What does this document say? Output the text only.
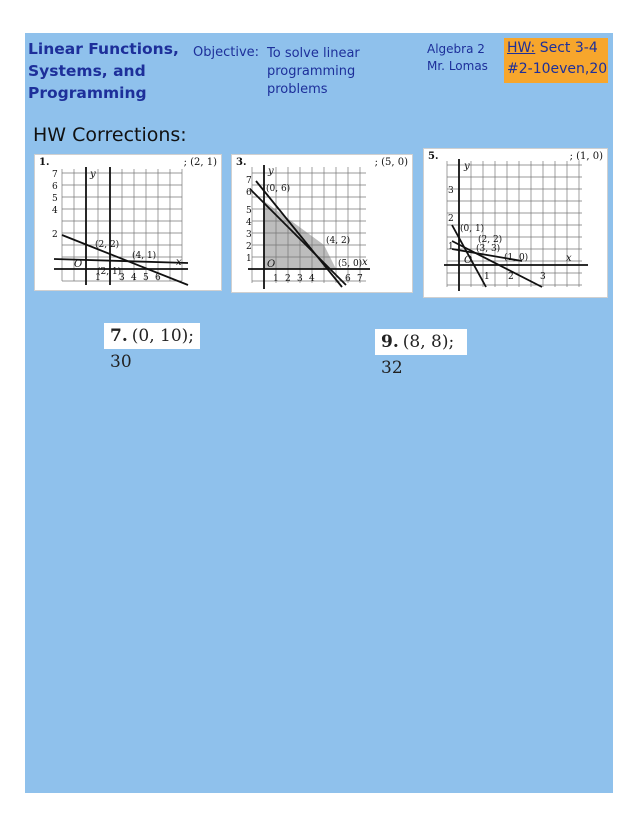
Linear Functions,
Systems, and
Programming
Objective: To solve linear
programming
problems
Algebra 2
Mr. Lomas
HW: Sect 3-4
#2-10even,20
HW Corrections:
1.	; (2, 1)
y
x
O
7
6
5
4
2
1 3 4 5 6
(2, 2)
(4, 1)
(2, 1)
3.	; (5, 0)
y
x
O
7
6
5
4
3
2
1
1 2 3 4	6 7
(0, 6)
(4, 2)
(5, 0)
5.	; (1, 0)
y
x
O
3
2
1
1 2	3
(0, 1)
(2, 2)
(3, 3)
(1, 0)
7. (0, 10); 30
9. (8, 8); 32
